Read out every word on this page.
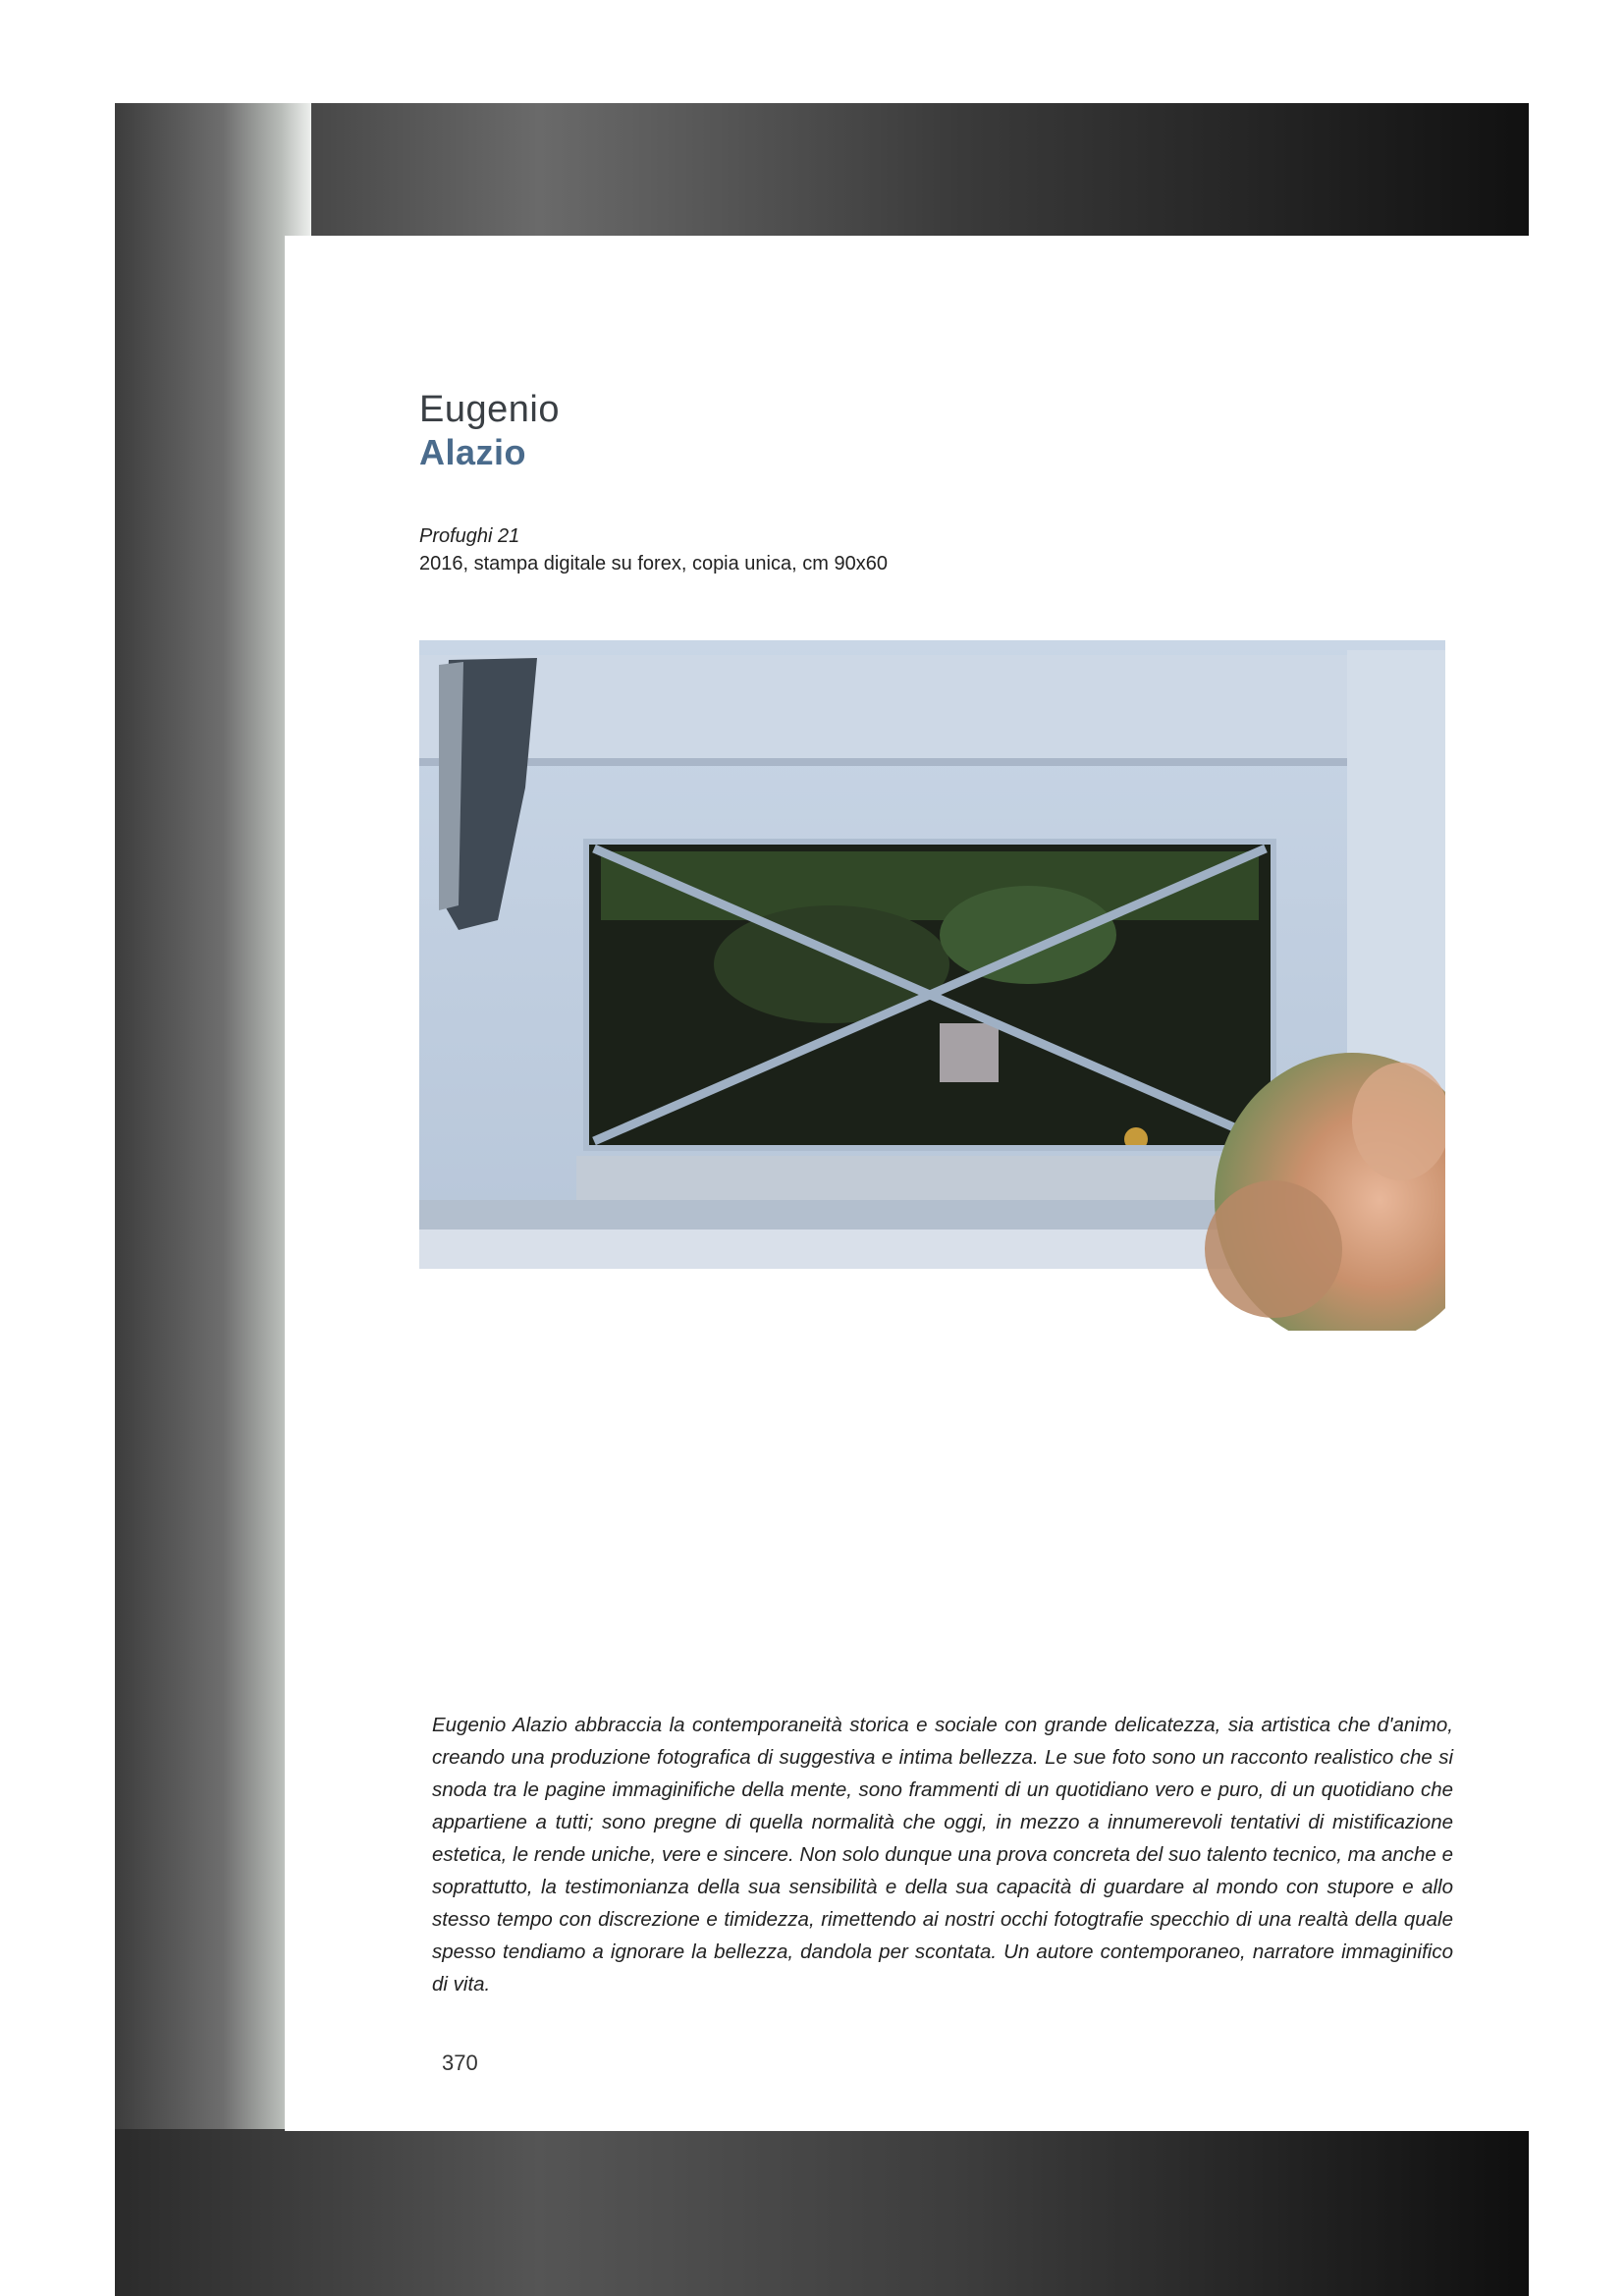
Eugenio
Alazio
Profughi 21
2016, stampa digitale su forex, copia unica, cm 90x60
Eugenio Alazio abbraccia la contemporaneità storica e sociale con grande delicatezza, sia artistica che d'animo, creando una produzione fotografica di suggestiva e intima bellezza. Le sue foto sono un racconto realistico che si snoda tra le pagine immaginifiche della mente, sono frammenti di un quotidiano vero e puro, di un quotidiano che appartiene a tutti; sono pregne di quella normalità che oggi, in mezzo a innumerevoli tentativi di mistificazione estetica, le rende uniche, vere e sincere. Non solo dunque una prova concreta del suo talento tecnico, ma anche e soprattutto, la testimonianza della sua sensibilità e della sua capacità di guardare al mondo con stupore e allo stesso tempo con discrezione e timidezza, rimettendo ai nostri occhi fotogtrafie specchio di una realtà della quale spesso tendiamo a ignorare la bellezza, dandola per scontata. Un autore contemporaneo, narratore immaginifico di vita.
370
